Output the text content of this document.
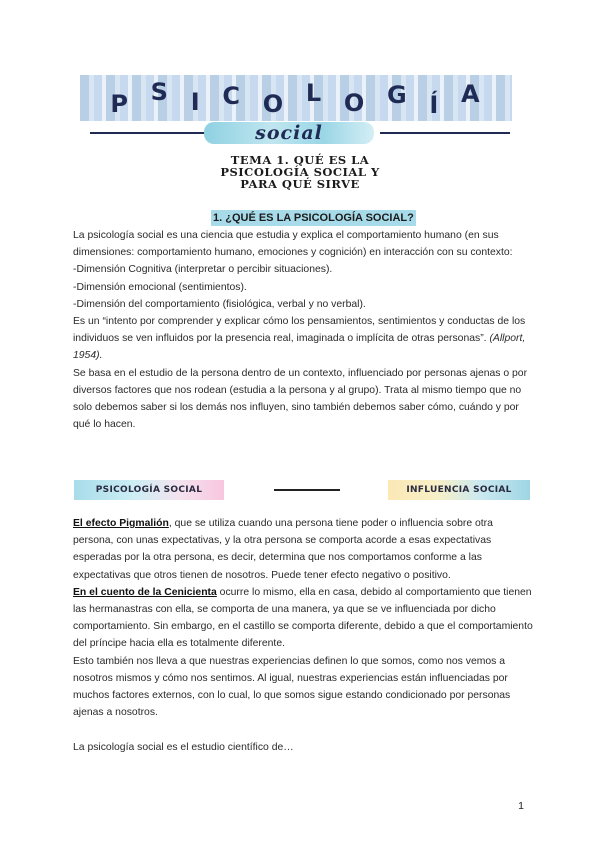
P S I C O L O G Í A
social
TEMA 1. QUÉ ES LA
PSICOLOGÍA SOCIAL Y
PARA QUÉ SIRVE
1. ¿QUÉ ES LA PSICOLOGÍA SOCIAL?

La psicología social es una ciencia que estudia y explica el comportamiento humano (en sus dimensiones: comportamiento humano, emociones y cognición) en interacción con su contexto:

-Dimensión Cognitiva (interpretar o percibir situaciones).

-Dimensión emocional (sentimientos).

-Dimensión del comportamiento (fisiológica, verbal y no verbal).

Es un “intento por comprender y explicar cómo los pensamientos, sentimientos y conductas de los individuos se ven influidos por la presencia real, imaginada o implícita de otras personas”. (Allport, 1954).

Se basa en el estudio de la persona dentro de un contexto, influenciado por personas ajenas o por diversos factores que nos rodean (estudia a la persona y al grupo). Trata al mismo tiempo que no solo debemos saber si los demás nos influyen, sino también debemos saber cómo, cuándo y por qué lo hacen.

PSICOLOGÍA SOCIAL	INFLUENCIA SOCIAL

El efecto Pigmalión, que se utiliza cuando una persona tiene poder o influencia sobre otra persona, con unas expectativas, y la otra persona se comporta acorde a esas expectativas esperadas por la otra persona, es decir, determina que nos comportamos conforme a las expectativas que otros tienen de nosotros. Puede tener efecto negativo o positivo.

En el cuento de la Cenicienta ocurre lo mismo, ella en casa, debido al comportamiento que tienen las hermanastras con ella, se comporta de una manera, ya que se ve influenciada por dicho comportamiento. Sin embargo, en el castillo se comporta diferente, debido a que el comportamiento del príncipe hacia ella es totalmente diferente.

Esto también nos lleva a que nuestras experiencias definen lo que somos, como nos vemos a nosotros mismos y cómo nos sentimos. Al igual, nuestras experiencias están influenciadas por muchos factores externos, con lo cual, lo que somos sigue estando condicionado por personas ajenas a nosotros.

La psicología social es el estudio científico de…
1
